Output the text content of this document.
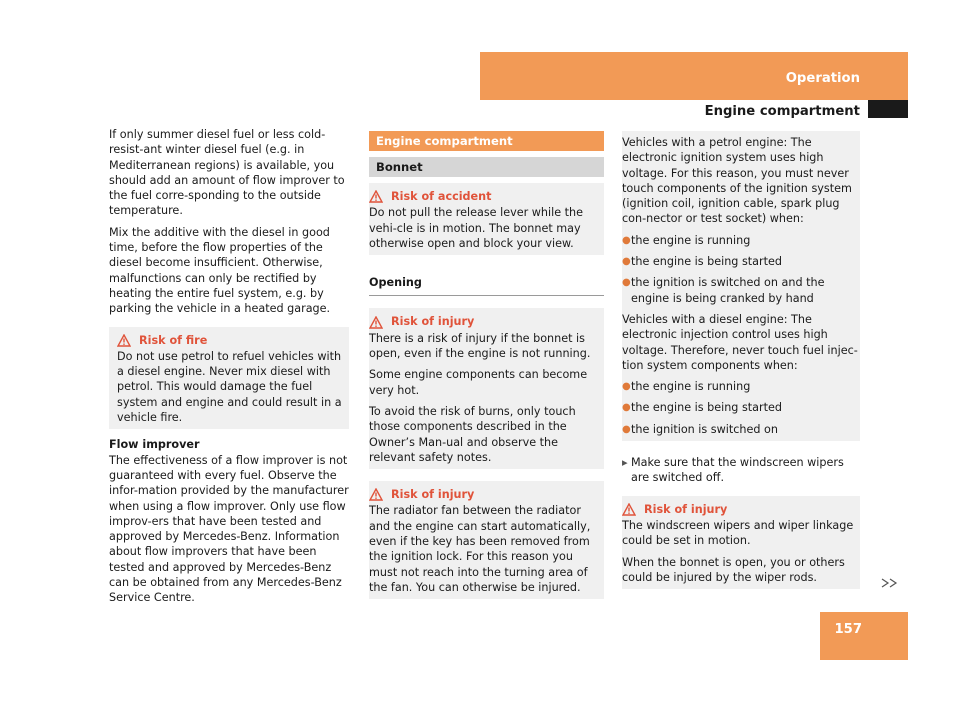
Operation
Engine compartment

If only summer diesel fuel or less cold-resist-ant winter diesel fuel (e.g. in Mediterranean regions) is available, you should add an amount of flow improver to the fuel corre-sponding to the outside temperature.

Mix the additive with the diesel in good time, before the flow properties of the diesel become insufficient. Otherwise, malfunctions can only be rectified by heating the entire fuel system, e.g. by parking the vehicle in a heated garage.

Risk of fire

Do not use petrol to refuel vehicles with a diesel engine. Never mix diesel with petrol. This would damage the fuel system and engine and could result in a vehicle fire.

Flow improver

The effectiveness of a flow improver is not guaranteed with every fuel. Observe the infor-mation provided by the manufacturer when using a flow improver. Only use flow improv-ers that have been tested and approved by Mercedes-Benz. Information about flow improvers that have been tested and approved by Mercedes-Benz can be obtained from any Mercedes-Benz Service Centre.

Engine compartment
Bonnet
Risk of accident

Do not pull the release lever while the vehi-cle is in motion. The bonnet may otherwise open and block your view.

Opening
Risk of injury

There is a risk of injury if the bonnet is open, even if the engine is not running.

Some engine components can become very hot.

To avoid the risk of burns, only touch those components described in the Owner’s Man-ual and observe the relevant safety notes.

Risk of injury

The radiator fan between the radiator and the engine can start automatically, even if the key has been removed from the ignition lock. For this reason you must not reach into the turning area of the fan. You can otherwise be injured.

Vehicles with a petrol engine: The electronic ignition system uses high voltage. For this reason, you must never touch components of the ignition system (ignition coil, ignition cable, spark plug con-nector or test socket) when:

● the engine is running
● the engine is being started
● the ignition is switched on and the engine is being cranked by hand

Vehicles with a diesel engine: The electronic injection control uses high voltage. Therefore, never touch fuel injec-tion system components when:

● the engine is running
● the engine is being started
● the ignition is switched on
▸ Make sure that the windscreen wipers are switched off.
Risk of injury

The windscreen wipers and wiper linkage could be set in motion.

When the bonnet is open, you or others could be injured by the wiper rods.

157
